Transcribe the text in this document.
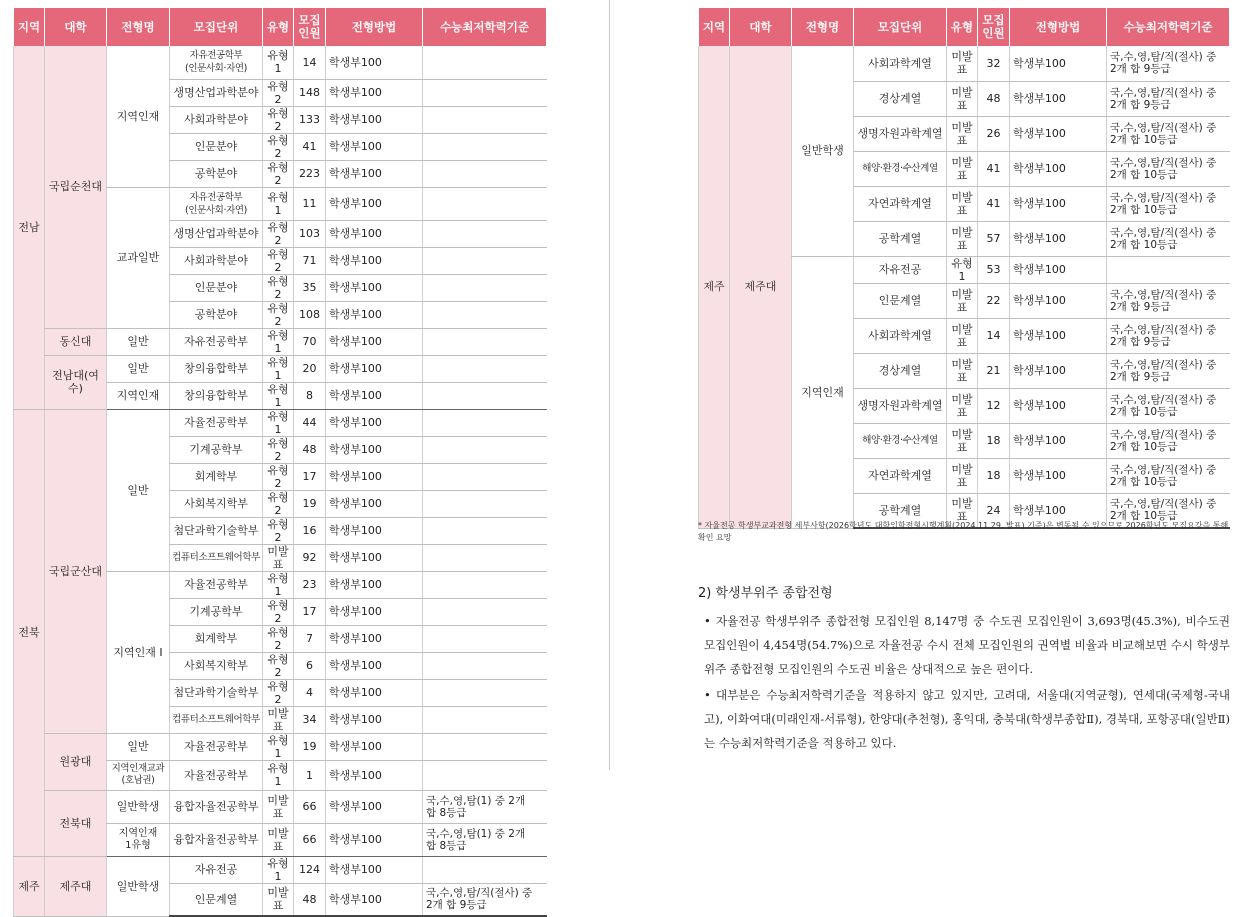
지역	대학	전형명	모집단위	유형	모집
인원	전형방법	수능최저학력기준
전남	국립순천대	지역인재	자유전공학부
(인문사회·자연)	유형1	14	학생부100	
			생명산업과학분야	유형2	148	학생부100	
			사회과학분야	유형2	133	학생부100	
			인문분야	유형2	41	학생부100	
			공학분야	유형2	223	학생부100	
		교과일반	자유전공학부
(인문사회·자연)	유형1	11	학생부100	
			생명산업과학분야	유형2	103	학생부100	
			사회과학분야	유형2	71	학생부100	
			인문분야	유형2	35	학생부100	
			공학분야	유형2	108	학생부100	
	동신대	일반	자유전공학부	유형1	70	학생부100	
	전남대(여수)	일반	창의융합학부	유형1	20	학생부100	
		지역인재	창의융합학부	유형1	8	학생부100	
전북	국립군산대	일반	자율전공학부	유형1	44	학생부100	
			기계공학부	유형2	48	학생부100	
			회계학부	유형2	17	학생부100	
			사회복지학부	유형2	19	학생부100	
			첨단과학기술학부	유형2	16	학생부100	
			컴퓨터소프트웨어학부	미발표	92	학생부100	
		지역인재 I	자율전공학부	유형1	23	학생부100	
			기계공학부	유형2	17	학생부100	
			회계학부	유형2	7	학생부100	
			사회복지학부	유형2	6	학생부100	
			첨단과학기술학부	유형2	4	학생부100	
			컴퓨터소프트웨어학부	미발표	34	학생부100	
	원광대	일반	자율전공학부	유형1	19	학생부100	
		지역인재교과
(호남권)	자율전공학부	유형1	1	학생부100	
	전북대	일반학생	융합자율전공학부	미발표	66	학생부100	국,수,영,탐(1) 중 2개
합 8등급
		지역인재
1유형	융합자율전공학부	미발표	66	학생부100	국,수,영,탐(1) 중 2개
합 8등급
제주	제주대	일반학생	자유전공	유형1	124	학생부100	
			인문계열	미발표	48	학생부100	국,수,영,탐/직(절사) 중
2개 합 9등급
지역	대학	전형명	모집단위	유형	모집
인원	전형방법	수능최저학력기준
제주	제주대	일반학생	사회과학계열	미발표	32	학생부100	국,수,영,탐/직(절사) 중
2개 합 9등급
			경상계열	미발표	48	학생부100	국,수,영,탐/직(절사) 중
2개 합 9등급
			생명자원과학계열	미발표	26	학생부100	국,수,영,탐/직(절사) 중
2개 합 10등급
			해양·환경·수산계열	미발표	41	학생부100	국,수,영,탐/직(절사) 중
2개 합 10등급
			자연과학계열	미발표	41	학생부100	국,수,영,탐/직(절사) 중
2개 합 10등급
			공학계열	미발표	57	학생부100	국,수,영,탐/직(절사) 중
2개 합 10등급
		지역인재	자유전공	유형1	53	학생부100	
			인문계열	미발표	22	학생부100	국,수,영,탐/직(절사) 중
2개 합 9등급
			사회과학계열	미발표	14	학생부100	국,수,영,탐/직(절사) 중
2개 합 9등급
			경상계열	미발표	21	학생부100	국,수,영,탐/직(절사) 중
2개 합 9등급
			생명자원과학계열	미발표	12	학생부100	국,수,영,탐/직(절사) 중
2개 합 10등급
			해양·환경·수산계열	미발표	18	학생부100	국,수,영,탐/직(절사) 중
2개 합 10등급
			자연과학계열	미발표	18	학생부100	국,수,영,탐/직(절사) 중
2개 합 10등급
			공학계열	미발표	24	학생부100	국,수,영,탐/직(절사) 중
2개 합 10등급
* 자율전공 학생부교과전형 세부사항(2026학년도 대학입학전형시행계획(2024.11.29. 발표) 기준)은 변동될 수 있으므로 2026학년도 모집요강을 통해 확인 요망
2) 학생부위주 종합전형
• 자율전공 학생부위주 종합전형 모집인원 8,147명 중 수도권 모집인원이 3,693명(45.3%), 비수도권 모집인원이 4,454명(54.7%)으로 자율전공 수시 전체 모집인원의 권역별 비율과 비교해보면 수시 학생부위주 종합전형 모집인원의 수도권 비율은 상대적으로 높은 편이다.
• 대부분은 수능최저학력기준을 적용하지 않고 있지만, 고려대, 서울대(지역균형), 연세대(국제형-국내고), 이화여대(미래인재-서류형), 한양대(추천형), 홍익대, 충북대(학생부종합Ⅱ), 경북대, 포항공대(일반Ⅱ)는 수능최저학력기준을 적용하고 있다.
